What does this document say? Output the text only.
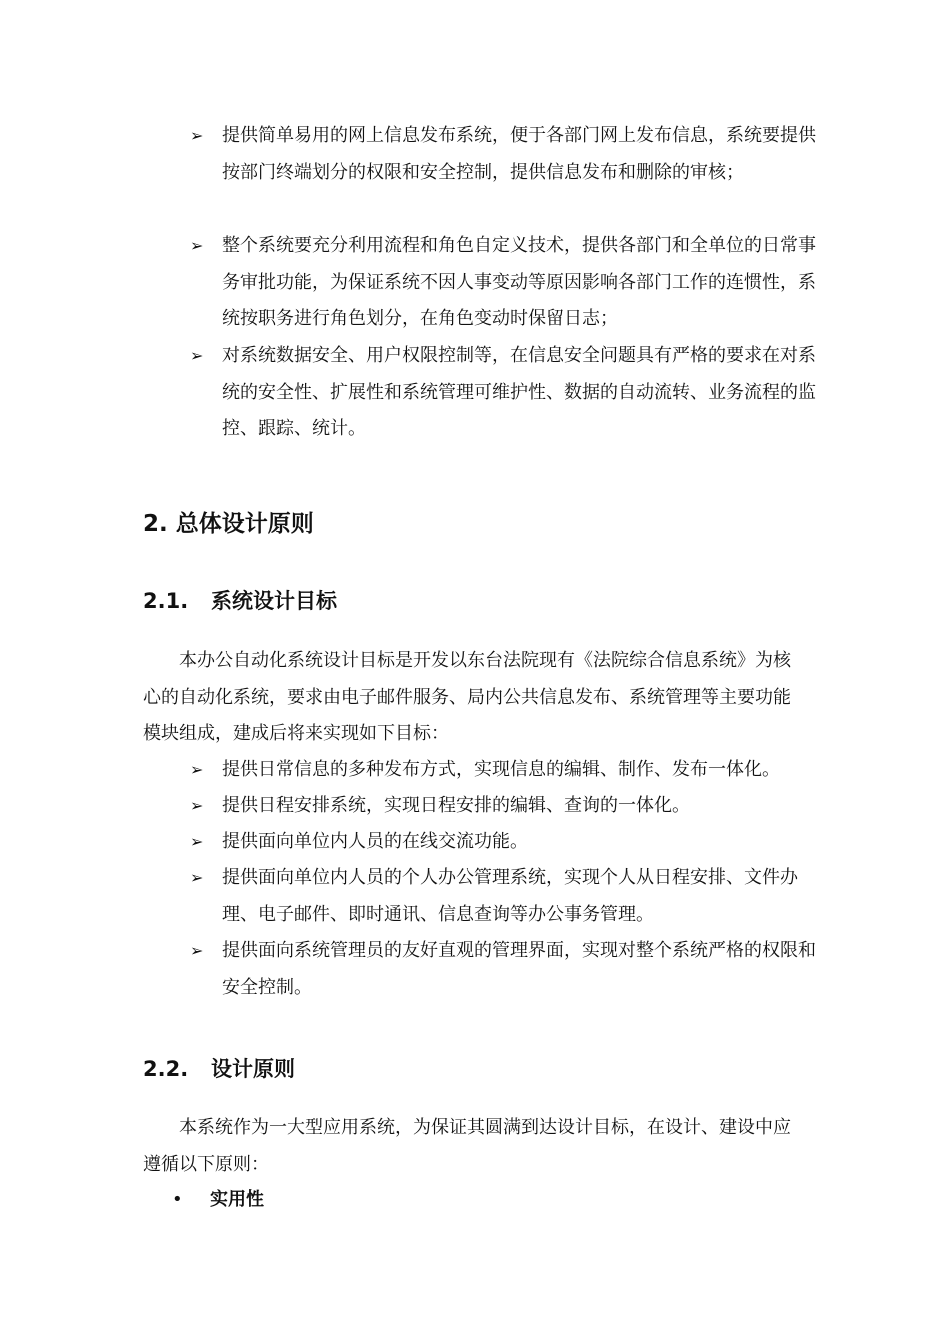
➢	提供简单易用的网上信息发布系统，便于各部门网上发布信息，系统要提供按部门终端划分的权限和安全控制，提供信息发布和删除的审核；
➢	整个系统要充分利用流程和角色自定义技术，提供各部门和全单位的日常事务审批功能，为保证系统不因人事变动等原因影响各部门工作的连惯性，系统按职务进行角色划分，在角色变动时保留日志；
➢	对系统数据安全、用户权限控制等，在信息安全问题具有严格的要求在对系统的安全性、扩展性和系统管理可维护性、数据的自动流转、业务流程的监控、跟踪、统计。
2. 总体设计原则
2.1. 系统设计目标
本办公自动化系统设计目标是开发以东台法院现有《法院综合信息系统》为核心的自动化系统，要求由电子邮件服务、局内公共信息发布、系统管理等主要功能模块组成，建成后将来实现如下目标：
➢	提供日常信息的多种发布方式，实现信息的编辑、制作、发布一体化。
➢	提供日程安排系统，实现日程安排的编辑、查询的一体化。
➢	提供面向单位内人员的在线交流功能。
➢	提供面向单位内人员的个人办公管理系统，实现个人从日程安排、文件办理、电子邮件、即时通讯、信息查询等办公事务管理。
➢	提供面向系统管理员的友好直观的管理界面，实现对整个系统严格的权限和安全控制。
2.2. 设计原则
本系统作为一大型应用系统，为保证其圆满到达设计目标，在设计、建设中应遵循以下原则：
• 实用性
